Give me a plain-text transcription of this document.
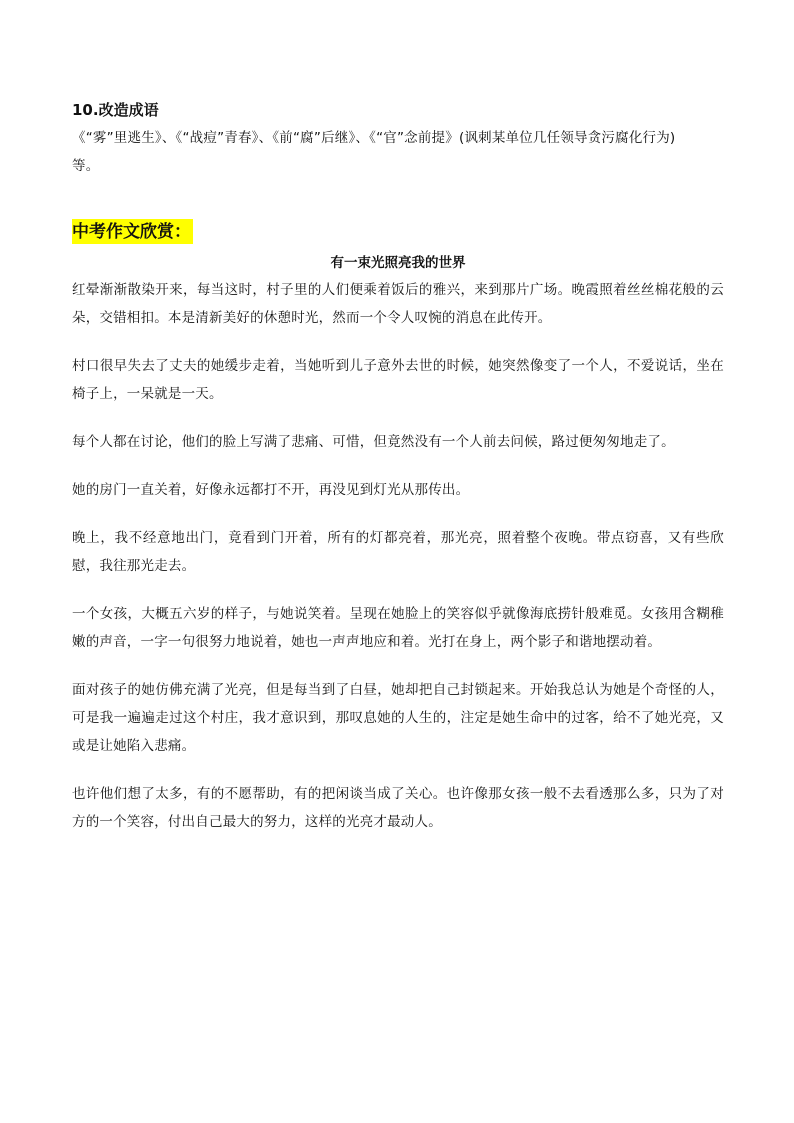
10.改造成语

《“雾”里逃生》、《“战痘”青春》、《前“腐”后继》、《“官”念前提》(讽刺某单位几任领导贪污腐化行为)

等。

中考作文欣赏：

有一束光照亮我的世界

红晕渐渐散染开来，每当这时，村子里的人们便乘着饭后的雅兴，来到那片广场。晚霞照着丝丝棉花般的云朵，交错相扣。本是清新美好的休憩时光，然而一个令人叹惋的消息在此传开。

村口很早失去了丈夫的她缓步走着，当她听到儿子意外去世的时候，她突然像变了一个人，不爱说话，坐在椅子上，一呆就是一天。

每个人都在讨论，他们的脸上写满了悲痛、可惜，但竟然没有一个人前去问候，路过便匆匆地走了。

她的房门一直关着，好像永远都打不开，再没见到灯光从那传出。

晚上，我不经意地出门，竟看到门开着，所有的灯都亮着，那光亮，照着整个夜晚。带点窃喜，又有些欣慰，我往那光走去。

一个女孩，大概五六岁的样子，与她说笑着。呈现在她脸上的笑容似乎就像海底捞针般难觅。女孩用含糊稚嫩的声音，一字一句很努力地说着，她也一声声地应和着。光打在身上，两个影子和谐地摆动着。

面对孩子的她仿佛充满了光亮，但是每当到了白昼，她却把自己封锁起来。开始我总认为她是个奇怪的人，可是我一遍遍走过这个村庄，我才意识到，那叹息她的人生的，注定是她生命中的过客，给不了她光亮，又或是让她陷入悲痛。

也许他们想了太多，有的不愿帮助，有的把闲谈当成了关心。也许像那女孩一般不去看透那么多，只为了对方的一个笑容，付出自己最大的努力，这样的光亮才最动人。
